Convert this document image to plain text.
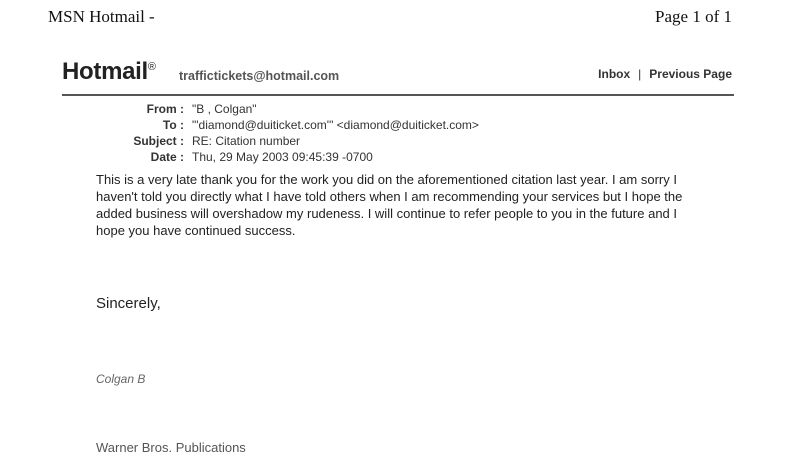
MSN Hotmail -	Page 1 of 1
Hotmail®
traffictickets@hotmail.com	Inbox | Previous Page
From : "B , Colgan"
To : "'diamond@duiticket.com'" <diamond@duiticket.com>
Subject : RE: Citation number
Date : Thu, 29 May 2003 09:45:39 -0700

This is a very late thank you for the work you did on the aforementioned citation last year. I am sorry I haven't told you directly what I have told others when I am recommending your services but I hope the added business will overshadow my rudeness. I will continue to refer people to you in the future and I hope you have continued success.

Sincerely,
Colgan B
Warner Bros. Publications
